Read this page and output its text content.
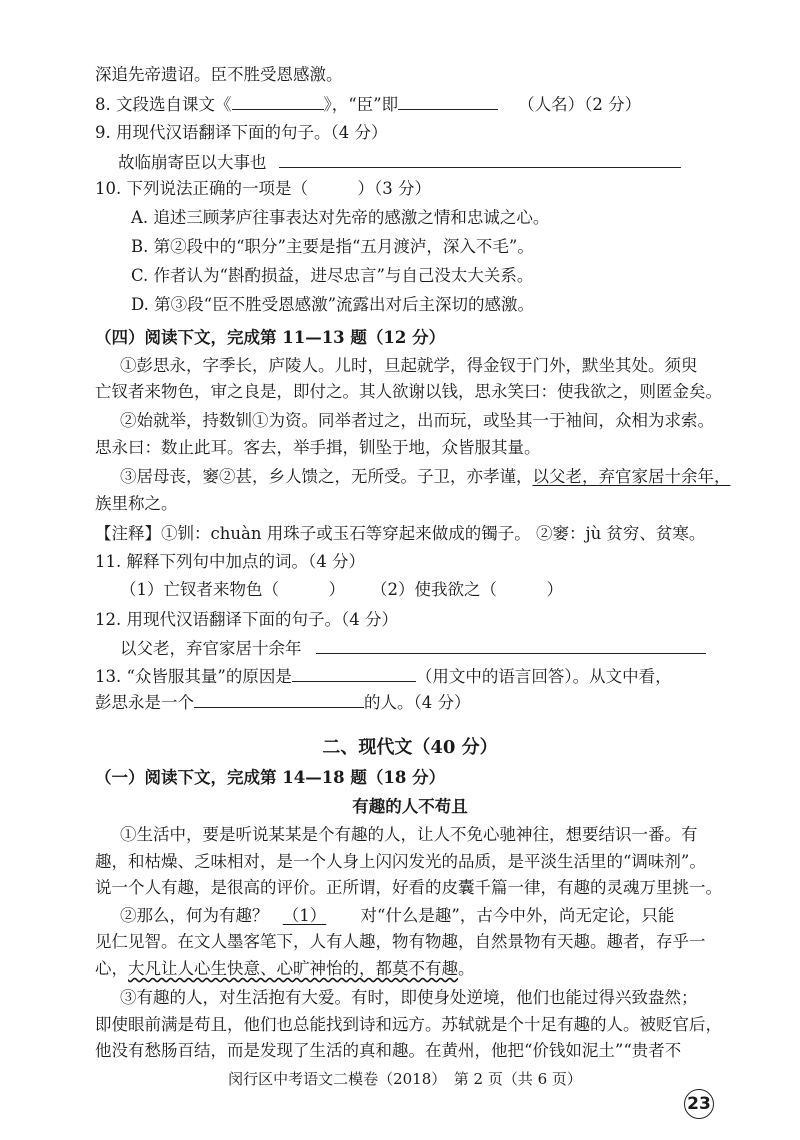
深追先帝遗诏。臣不胜受恩感激。
8. 文段选自课文《	》，“臣”即	（人名）（2 分）
9. 用现代汉语翻译下面的句子。（4 分）
故临崩寄臣以大事也
10. 下列说法正确的一项是（　　　）（3 分）
A. 追述三顾茅庐往事表达对先帝的感激之情和忠诚之心。
B. 第②段中的“职分”主要是指“五月渡泸，深入不毛”。
C. 作者认为“斟酌损益，进尽忠言”与自己没太大关系。
D. 第③段“臣不胜受恩感激”流露出对后主深切的感激。
（四）阅读下文，完成第 11—13 题（12 分）
①彭思永，字季长，庐陵人。儿时，旦起就学，得金钗于门外，默坐其处。须臾
亡钗者来物色，审之良是，即付之。其人欲谢以钱，思永笑曰：使我欲之，则匿金矣。
②始就举，持数钏①为资。同举者过之，出而玩，或坠其一于袖间，众相为求索。
思永曰：数止此耳。客去，举手揖，钏坠于地，众皆服其量。
③居母丧，窭②甚，乡人馈之，无所受。子卫，亦孝谨，以父老，弃官家居十余年，
族里称之。
【注释】①钏：chuàn 用珠子或玉石等穿起来做成的镯子。 ②窭：jù 贫穷、贫寒。
11. 解释下列句中加点的词。（4 分）
（1）亡钗者来物色（　　　） （2）使我欲之（　　　）
12. 用现代汉语翻译下面的句子。（4 分）
以父老，弃官家居十余年
13. “众皆服其量”的原因是	（用文中的语言回答）。从文中看，
彭思永是一个	的人。（4 分）
二、现代文（40 分）
（一）阅读下文，完成第 14—18 题（18 分）
有趣的人不苟且
①生活中，要是听说某某是个有趣的人，让人不免心驰神往，想要结识一番。有
趣，和枯燥、乏味相对，是一个人身上闪闪发光的品质，是平淡生活里的“调味剂”。
说一个人有趣，是很高的评价。正所谓，好看的皮囊千篇一律，有趣的灵魂万里挑一。
②那么，何为有趣？ （1） 对“什么是趣”，古今中外，尚无定论，只能
见仁见智。在文人墨客笔下，人有人趣，物有物趣，自然景物有天趣。趣者，存乎一
心，大凡让人心生快意、心旷神怡的，都莫不有趣。
③有趣的人，对生活抱有大爱。有时，即使身处逆境，他们也能过得兴致盎然；
即使眼前满是苟且，他们也总能找到诗和远方。苏轼就是个十足有趣的人。被贬官后，
他没有愁肠百结，而是发现了生活的真和趣。在黄州，他把“价钱如泥土”“贵者不
闵行区中考语文二模卷（2018）　第 2 页（共 6 页）
23
